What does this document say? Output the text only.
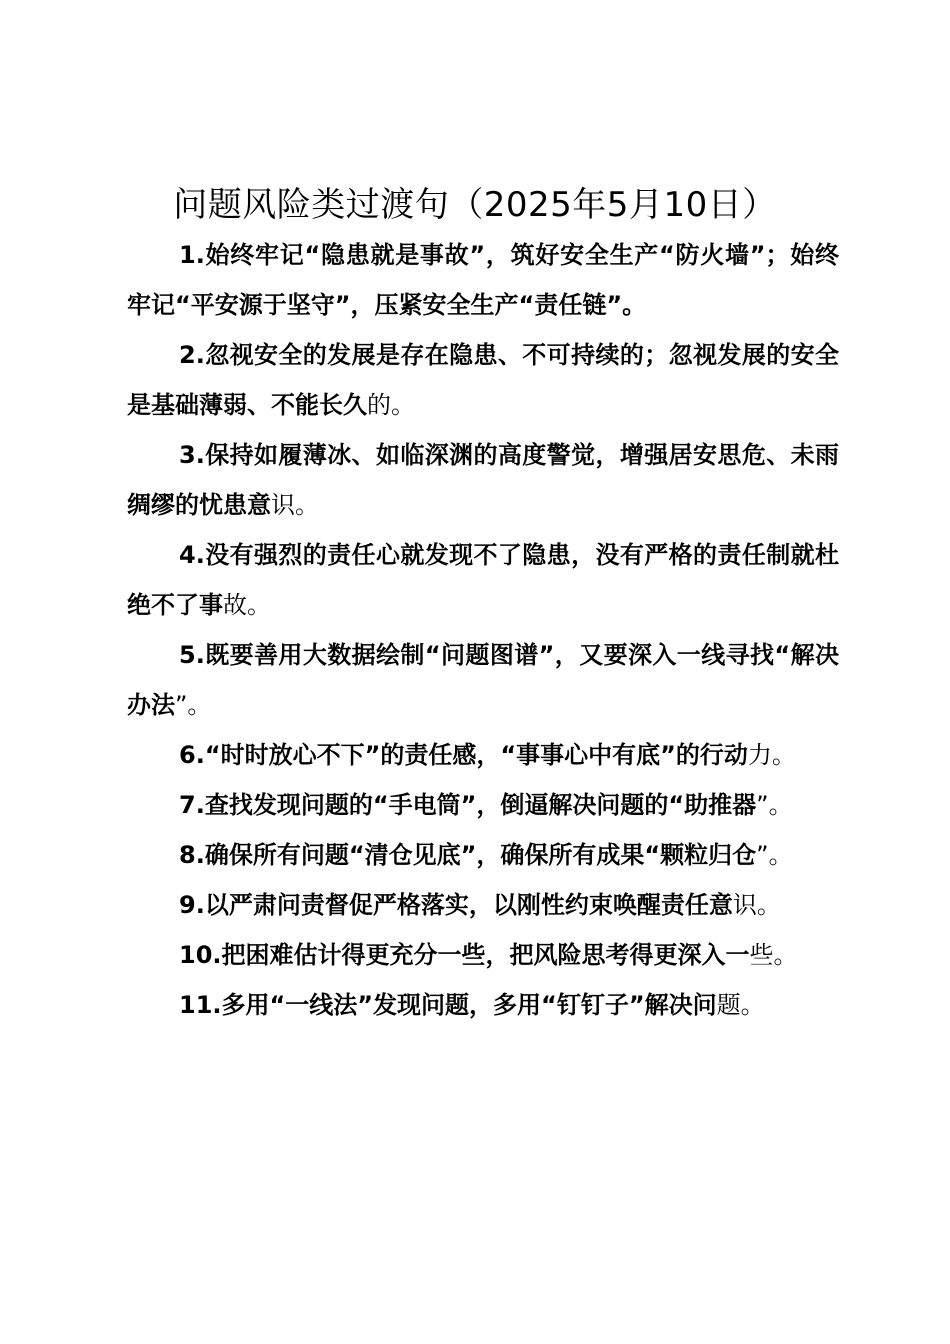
问题风险类过渡句（2025年5月10日）

1.始终牢记“隐患就是事故”，筑好安全生产“防火墙”；始终牢记“平安源于坚守”，压紧安全生产“责任链”。

2.忽视安全的发展是存在隐患、不可持续的；忽视发展的安全是基础薄弱、不能长久的。

3.保持如履薄冰、如临深渊的高度警觉，增强居安思危、未雨绸缪的忧患意识。

4.没有强烈的责任心就发现不了隐患，没有严格的责任制就杜绝不了事故。

5.既要善用大数据绘制“问题图谱”，又要深入一线寻找“解决办法”。

6.“时时放心不下”的责任感，“事事心中有底”的行动力。

7.查找发现问题的“手电筒”，倒逼解决问题的“助推器”。

8.确保所有问题“清仓见底”，确保所有成果“颗粒归仓”。

9.以严肃问责督促严格落实，以刚性约束唤醒责任意识。

10.把困难估计得更充分一些，把风险思考得更深入一些。

11.多用“一线法”发现问题，多用“钉钉子”解决问题。
